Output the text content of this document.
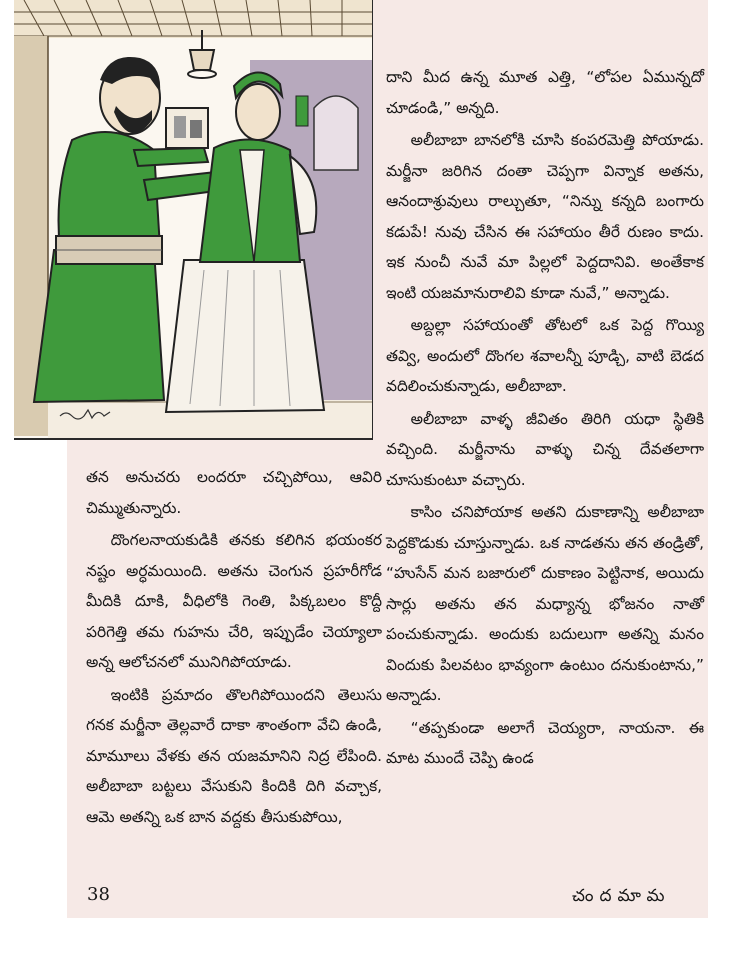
దాని మీద ఉన్న మూత ఎత్తి, “లోపల ఏమున్నదో చూడండి,” అన్నది.

అలీబాబా బానలోకి చూసి కంపరమెత్తి పోయాడు. మర్జీనా జరిగిన దంతా చెప్పగా విన్నాక అతను, ఆనందాశ్రువులు రాల్చుతూ, “నిన్ను కన్నది బంగారు కడుపే! నువు చేసిన ఈ సహాయం తీరే రుణం కాదు. ఇక నుంచీ నువే మా పిల్లలో పెద్దదానివి. అంతేకాక ఇంటి యజమానురాలివి కూడా నువే,” అన్నాడు.

అబ్దల్లా సహాయంతో తోటలో ఒక పెద్ద గొయ్యి తవ్వి, అందులో దొంగల శవాలన్నీ పూడ్చి, వాటి బెడద వదిలించుకున్నాడు, అలీబాబా.

అలీబాబా వాళ్ళ జీవితం తిరిగి యధా స్థితికి వచ్చింది. మర్జీనాను వాళ్ళు చిన్న దేవతలాగా చూసుకుంటూ వచ్చారు.

కాసిం చనిపోయాక అతని దుకాణాన్ని అలీబాబా పెద్దకొడుకు చూస్తున్నాడు. ఒక నాడతను తన తండ్రితో, “హుసేన్ మన బజారులో దుకాణం పెట్టినాక, అయిదు సార్లు అతను తన మధ్యాన్న భోజనం నాతో పంచుకున్నాడు. అందుకు బదులుగా అతన్ని మనం విందుకు పిలవటం భావ్యంగా ఉంటుం దనుకుంటాను,” అన్నాడు.

“తప్పకుండా అలాగే చెయ్యరా, నాయనా. ఈ మాట ముందే చెప్పి ఉండ

తన అనుచరు లందరూ చచ్చిపోయి, ఆవిరి చిమ్ముతున్నారు.

దొంగలనాయకుడికి తనకు కలిగిన భయంకర నష్టం అర్ధమయింది. అతను చెంగున ప్రహరీగోడ మీదికి దూకి, వీధిలోకి గెంతి, పిక్కబలం కొద్దీ పరిగెత్తి తమ గుహను చేరి, ఇప్పుడేం చెయ్యాలా అన్న ఆలోచనలో మునిగిపోయాడు.

ఇంటికి ప్రమాదం తొలగిపోయిందని తెలుసు గనక మర్జీనా తెల్లవారే దాకా శాంతంగా వేచి ఉండి, మామూలు వేళకు తన యజమానిని నిద్ర లేపింది. అలీబాబా బట్టలు వేసుకుని కిందికి దిగి వచ్చాక, ఆమె అతన్ని ఒక బాన వద్దకు తీసుకుపోయి,

38	చందమామ
